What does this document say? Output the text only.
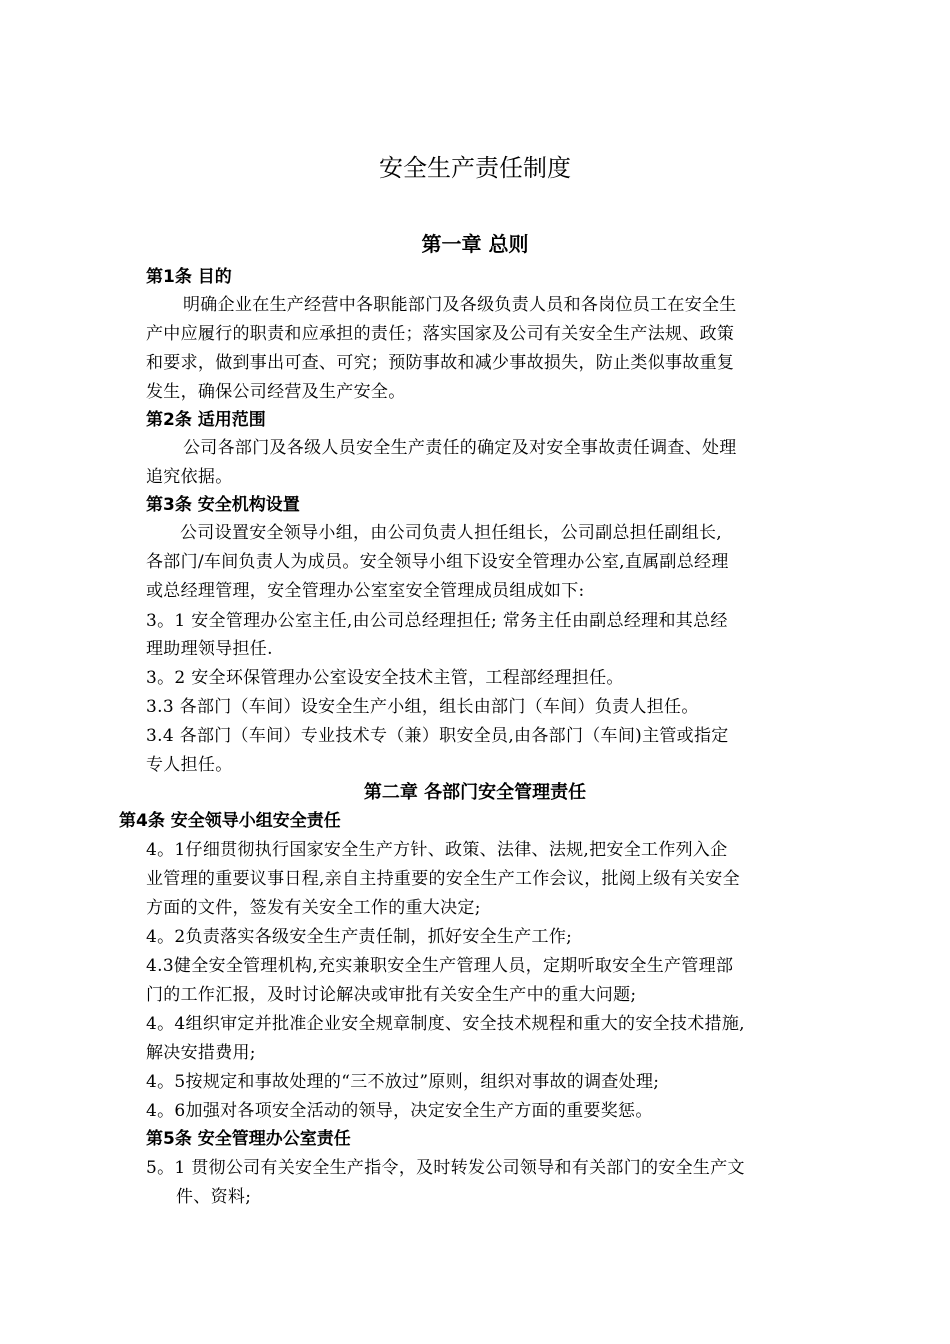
安全生产责任制度
第一章 总则
第1条 目的
明确企业在生产经营中各职能部门及各级负责人员和各岗位员工在安全生
产中应履行的职责和应承担的责任；落实国家及公司有关安全生产法规、政策
和要求，做到事出可查、可究；预防事故和减少事故损失，防止类似事故重复
发生，确保公司经营及生产安全。
第2条 适用范围
公司各部门及各级人员安全生产责任的确定及对安全事故责任调查、处理
追究依据。
第3条 安全机构设置
公司设置安全领导小组，由公司负责人担任组长，公司副总担任副组长,
各部门/车间负责人为成员。安全领导小组下设安全管理办公室,直属副总经理
或总经理管理，安全管理办公室室安全管理成员组成如下:
3。1 安全管理办公室主任,由公司总经理担任; 常务主任由副总经理和其总经
理助理领导担任.
3。2 安全环保管理办公室设安全技术主管，工程部经理担任。
3.3 各部门（车间）设安全生产小组，组长由部门（车间）负责人担任。
3.4 各部门（车间）专业技术专（兼）职安全员,由各部门（车间)主管或指定
专人担任。
第二章 各部门安全管理责任
第4条 安全领导小组安全责任
4。1仔细贯彻执行国家安全生产方针、政策、法律、法规,把安全工作列入企
业管理的重要议事日程,亲自主持重要的安全生产工作会议，批阅上级有关安全
方面的文件，签发有关安全工作的重大决定;
4。2负责落实各级安全生产责任制，抓好安全生产工作;
4.3健全安全管理机构,充实兼职安全生产管理人员，定期听取安全生产管理部
门的工作汇报，及时讨论解决或审批有关安全生产中的重大问题;
4。4组织审定并批准企业安全规章制度、安全技术规程和重大的安全技术措施,
解决安措费用;
4。5按规定和事故处理的“三不放过”原则，组织对事故的调查处理;
4。6加强对各项安全活动的领导，决定安全生产方面的重要奖惩。
第5条 安全管理办公室责任
5。1 贯彻公司有关安全生产指令，及时转发公司领导和有关部门的安全生产文
件、资料;
